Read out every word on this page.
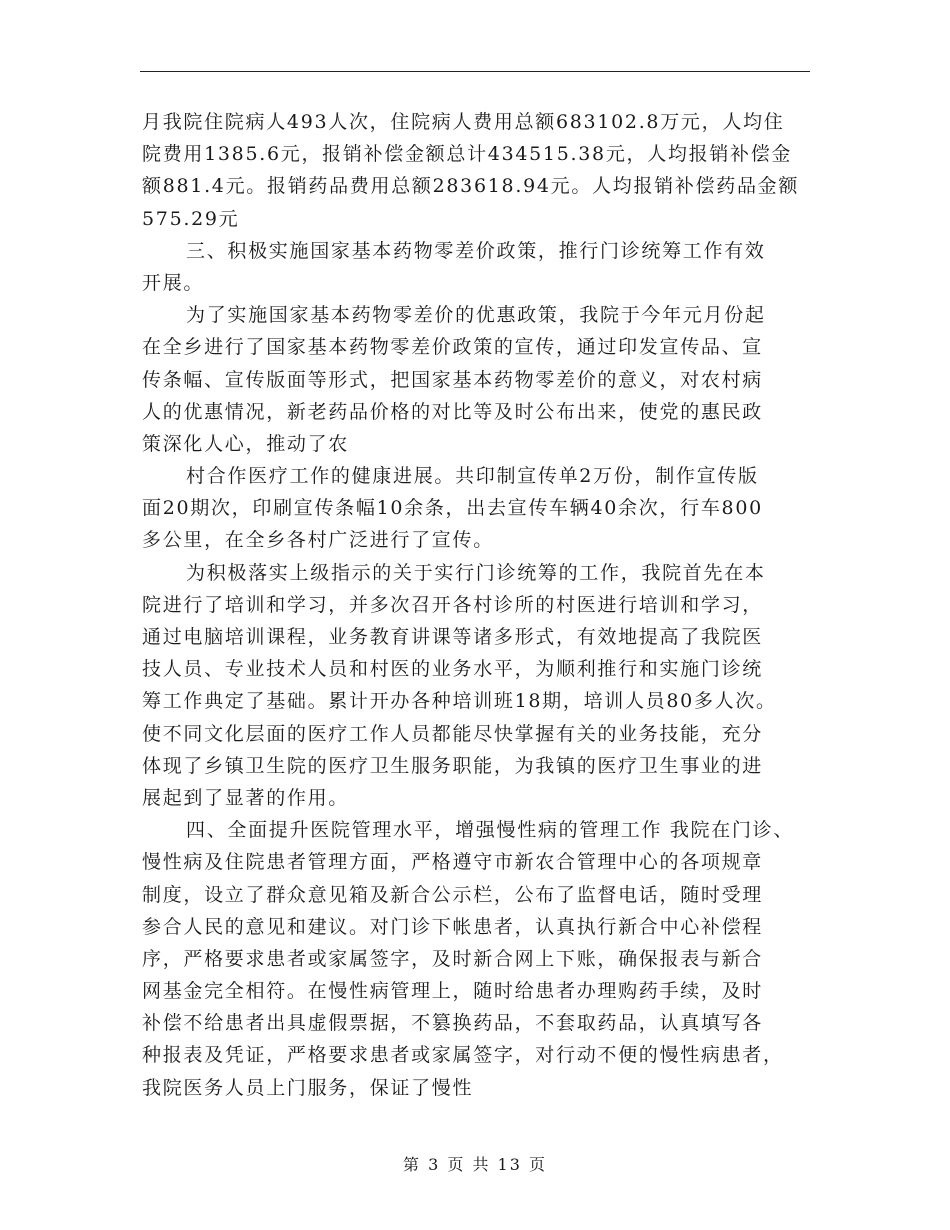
月我院住院病人493人次，住院病人费用总额683102.8万元，人均住
院费用1385.6元，报销补偿金额总计434515.38元，人均报销补偿金
额881.4元。报销药品费用总额283618.94元。人均报销补偿药品金额
575.29元
三、积极实施国家基本药物零差价政策，推行门诊统筹工作有效
开展。
为了实施国家基本药物零差价的优惠政策，我院于今年元月份起
在全乡进行了国家基本药物零差价政策的宣传，通过印发宣传品、宣
传条幅、宣传版面等形式，把国家基本药物零差价的意义，对农村病
人的优惠情况，新老药品价格的对比等及时公布出来，使党的惠民政
策深化人心，推动了农
村合作医疗工作的健康进展。共印制宣传单2万份，制作宣传版
面20期次，印刷宣传条幅10余条，出去宣传车辆40余次，行车800
多公里，在全乡各村广泛进行了宣传。
为积极落实上级指示的关于实行门诊统筹的工作，我院首先在本
院进行了培训和学习，并多次召开各村诊所的村医进行培训和学习，
通过电脑培训课程，业务教育讲课等诸多形式，有效地提高了我院医
技人员、专业技术人员和村医的业务水平，为顺利推行和实施门诊统
筹工作典定了基础。累计开办各种培训班18期，培训人员80多人次。
使不同文化层面的医疗工作人员都能尽快掌握有关的业务技能，充分
体现了乡镇卫生院的医疗卫生服务职能，为我镇的医疗卫生事业的进
展起到了显著的作用。
四、全面提升医院管理水平，增强慢性病的管理工作 我院在门诊、
慢性病及住院患者管理方面，严格遵守市新农合管理中心的各项规章
制度，设立了群众意见箱及新合公示栏，公布了监督电话，随时受理
参合人民的意见和建议。对门诊下帐患者，认真执行新合中心补偿程
序，严格要求患者或家属签字，及时新合网上下账，确保报表与新合
网基金完全相符。在慢性病管理上，随时给患者办理购药手续，及时
补偿不给患者出具虚假票据，不篡换药品，不套取药品，认真填写各
种报表及凭证，严格要求患者或家属签字，对行动不便的慢性病患者，
我院医务人员上门服务，保证了慢性
第 3 页 共 13 页
